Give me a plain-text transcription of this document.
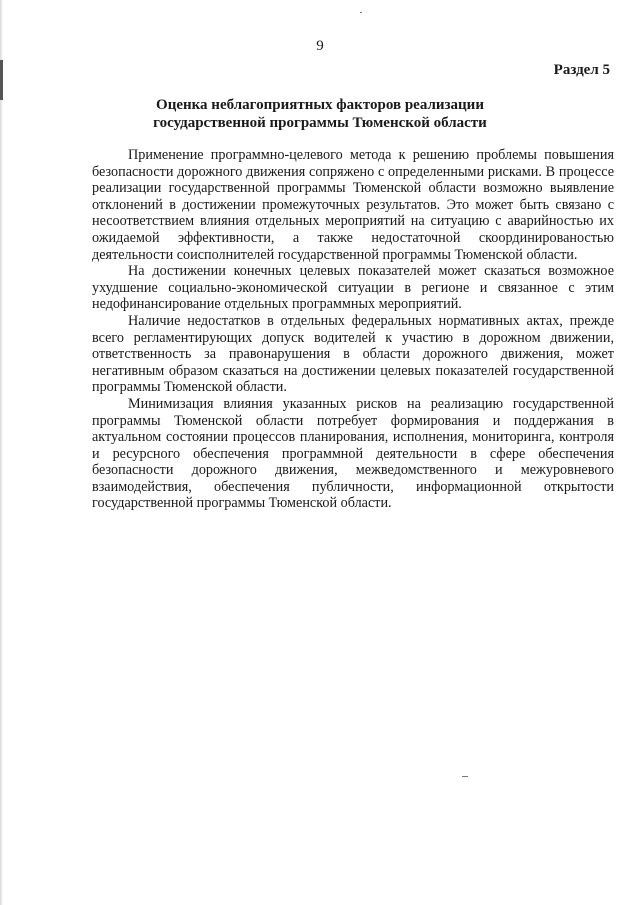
9
Раздел 5
Оценка неблагоприятных факторов реализации
государственной программы Тюменской области

Применение программно-целевого метода к решению проблемы повышения безопасности дорожного движения сопряжено с определенными рисками. В процессе реализации государственной программы Тюменской области возможно выявление отклонений в достижении промежуточных результатов. Это может быть связано с несоответствием влияния отдельных мероприятий на ситуацию с аварийностью их ожидаемой эффективности, а также недостаточной скоординированостью деятельности соисполнителей государственной программы Тюменской области.

На достижении конечных целевых показателей может сказаться возможное ухудшение социально-экономической ситуации в регионе и связанное с этим недофинансирование отдельных программных мероприятий.

Наличие недостатков в отдельных федеральных нормативных актах, прежде всего регламентирующих допуск водителей к участию в дорожном движении, ответственность за правонарушения в области дорожного движения, может негативным образом сказаться на достижении целевых показателей государственной программы Тюменской области.

Минимизация влияния указанных рисков на реализацию государственной программы Тюменской области потребует формирования и поддержания в актуальном состоянии процессов планирования, исполнения, мониторинга, контроля и ресурсного обеспечения программной деятельности в сфере обеспечения безопасности дорожного движения, межведомственного и межуровневого взаимодействия, обеспечения публичности, информационной открытости государственной программы Тюменской области.
